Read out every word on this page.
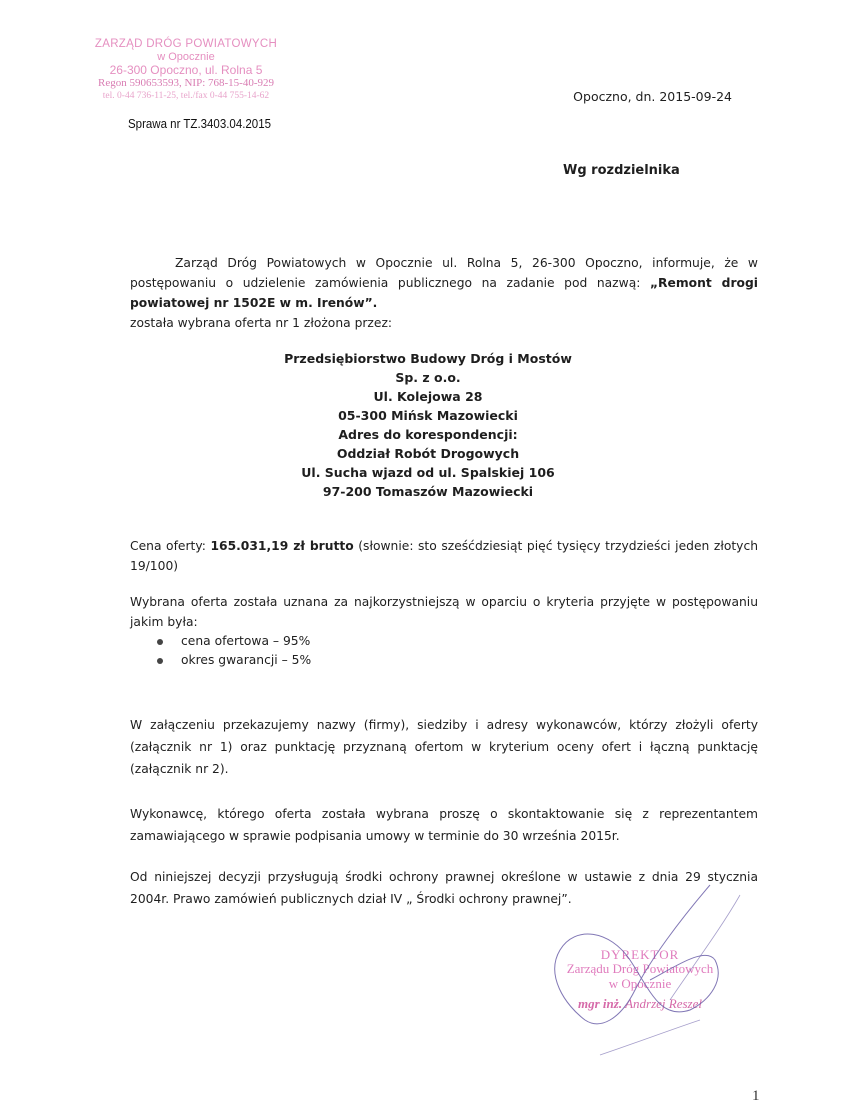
ZARZĄD DRÓG POWIATOWYCH
w Opocznie
26-300 Opoczno, ul. Rolna 5
Regon 590653593, NIP: 768-15-40-929
tel. 0-44 736-11-25, tel./fax 0-44 755-14-62
Sprawa nr TZ.3403.04.2015
Opoczno, dn. 2015-09-24
Wg rozdzielnika
Zarząd Dróg Powiatowych w Opocznie ul. Rolna 5, 26-300 Opoczno, informuje, że w postępowaniu o udzielenie zamówienia publicznego na zadanie pod nazwą: „Remont drogi powiatowej nr 1502E w m. Irenów”.
została wybrana oferta nr 1 złożona przez:
Przedsiębiorstwo Budowy Dróg i Mostów
Sp. z o.o.
Ul. Kolejowa 28
05-300 Mińsk Mazowiecki
Adres do korespondencji:
Oddział Robót Drogowych
Ul. Sucha wjazd od ul. Spalskiej 106
97-200 Tomaszów Mazowiecki
Cena oferty: 165.031,19 zł brutto (słownie: sto sześćdziesiąt pięć tysięcy trzydzieści jeden złotych 19/100)
Wybrana oferta została uznana za najkorzystniejszą w oparciu o kryteria przyjęte w postępowaniu jakim była:
cena ofertowa – 95%
okres gwarancji – 5%
W załączeniu przekazujemy nazwy (firmy), siedziby i adresy wykonawców, którzy złożyli oferty (załącznik nr 1) oraz punktację przyznaną ofertom w kryterium oceny ofert i łączną punktację (załącznik nr 2).
Wykonawcę, którego oferta została wybrana proszę o skontaktowanie się z reprezentantem zamawiającego w sprawie podpisania umowy w terminie do 30 września 2015r.
Od niniejszej decyzji przysługują środki ochrony prawnej określone w ustawie z dnia 29 stycznia 2004r. Prawo zamówień publicznych dział IV „ Środki ochrony prawnej”.
DYREKTOR
Zarządu Dróg Powiatowych
w Opocznie
mgr inż. Andrzej Reszel
1
